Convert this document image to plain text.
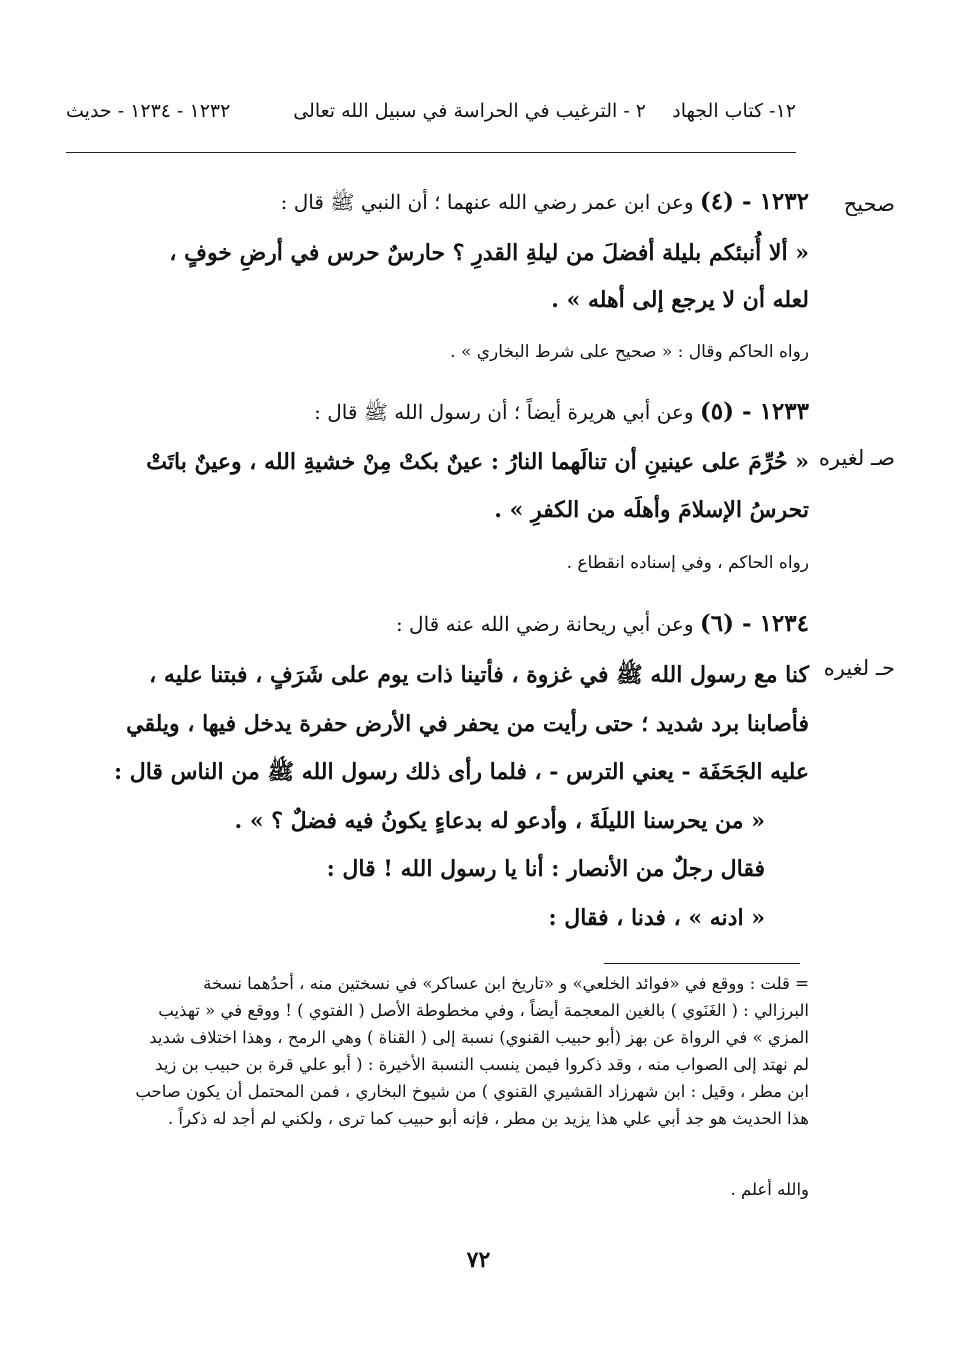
١٢- كتاب الجهاد
٢ - الترغيب في الحراسة في سبيل الله تعالى
١٢٣٢ - ١٢٣٤ - حديث
صحيح
١٢٣٢ - (٤) وعن ابن عمر رضي الله عنهما ؛ أن النبي ﷺ قال :
« ألا أُنبئكم بليلة أفضلَ من ليلةِ القدرِ ؟ حارسٌ حرس في أرضِ خوفٍ ،
لعله أن لا يرجع إلى أهله » .
رواه الحاكم وقال : « صحيح على شرط البخاري » .
١٢٣٣ - (٥) وعن أبي هريرة أيضاً ؛ أن رسول الله ﷺ قال :
صـ لغيره
« حُرِّمَ على عينينِ أن تنالَهما النارُ : عينٌ بكتْ مِنْ خشيةِ الله ، وعينٌ باتَتْ
تحرسُ الإسلامَ وأهلَه من الكفرِ » .
رواه الحاكم ، وفي إسناده انقطاع .
١٢٣٤ - (٦) وعن أبي ريحانة رضي الله عنه قال :
حـ لغيره
كنا مع رسول الله ﷺ في غزوة ، فأتينا ذات يوم على شَرَفٍ ، فبتنا عليه ،
فأصابنا برد شديد ؛ حتى رأيت من يحفر في الأرض حفرة يدخل فيها ، ويلقي
عليه الجَحَفَة - يعني الترس - ، فلما رأى ذلك رسول الله ﷺ من الناس قال :
« من يحرسنا الليلَةَ ، وأدعو له بدعاءٍ يكونُ فيه فضلٌ ؟ » .
فقال رجلٌ من الأنصار : أنا يا رسول الله ! قال :
« ادنه » ، فدنا ، فقال :
= قلت : ووقع في «فوائد الخلعي» و «تاريخ ابن عساكر» في نسختين منه ، أحدُهما نسخة
البرزالي : ( الغَنَوي ) بالغين المعجمة أيضاً ، وفي مخطوطة الأصل ( الفتوي ) ! ووقع في « تهذيب
المزي » في الرواة عن بهز (أبو حبيب القنوي) نسبة إلى ( القناة ) وهي الرمح ، وهذا اختلاف شديد
لم نهتد إلى الصواب منه ، وقد ذكروا فيمن ينسب النسبة الأخيرة : ( أبو علي قرة بن حبيب بن زيد
ابن مطر ، وقيل : ابن شهرزاد القشيري القنوي ) من شيوخ البخاري ، فمن المحتمل أن يكون صاحب
هذا الحديث هو جد أبي علي هذا يزيد بن مطر ، فإنه أبو حبيب كما ترى ، ولكني لم أجد له ذكراً .
والله أعلم .
٧٢
